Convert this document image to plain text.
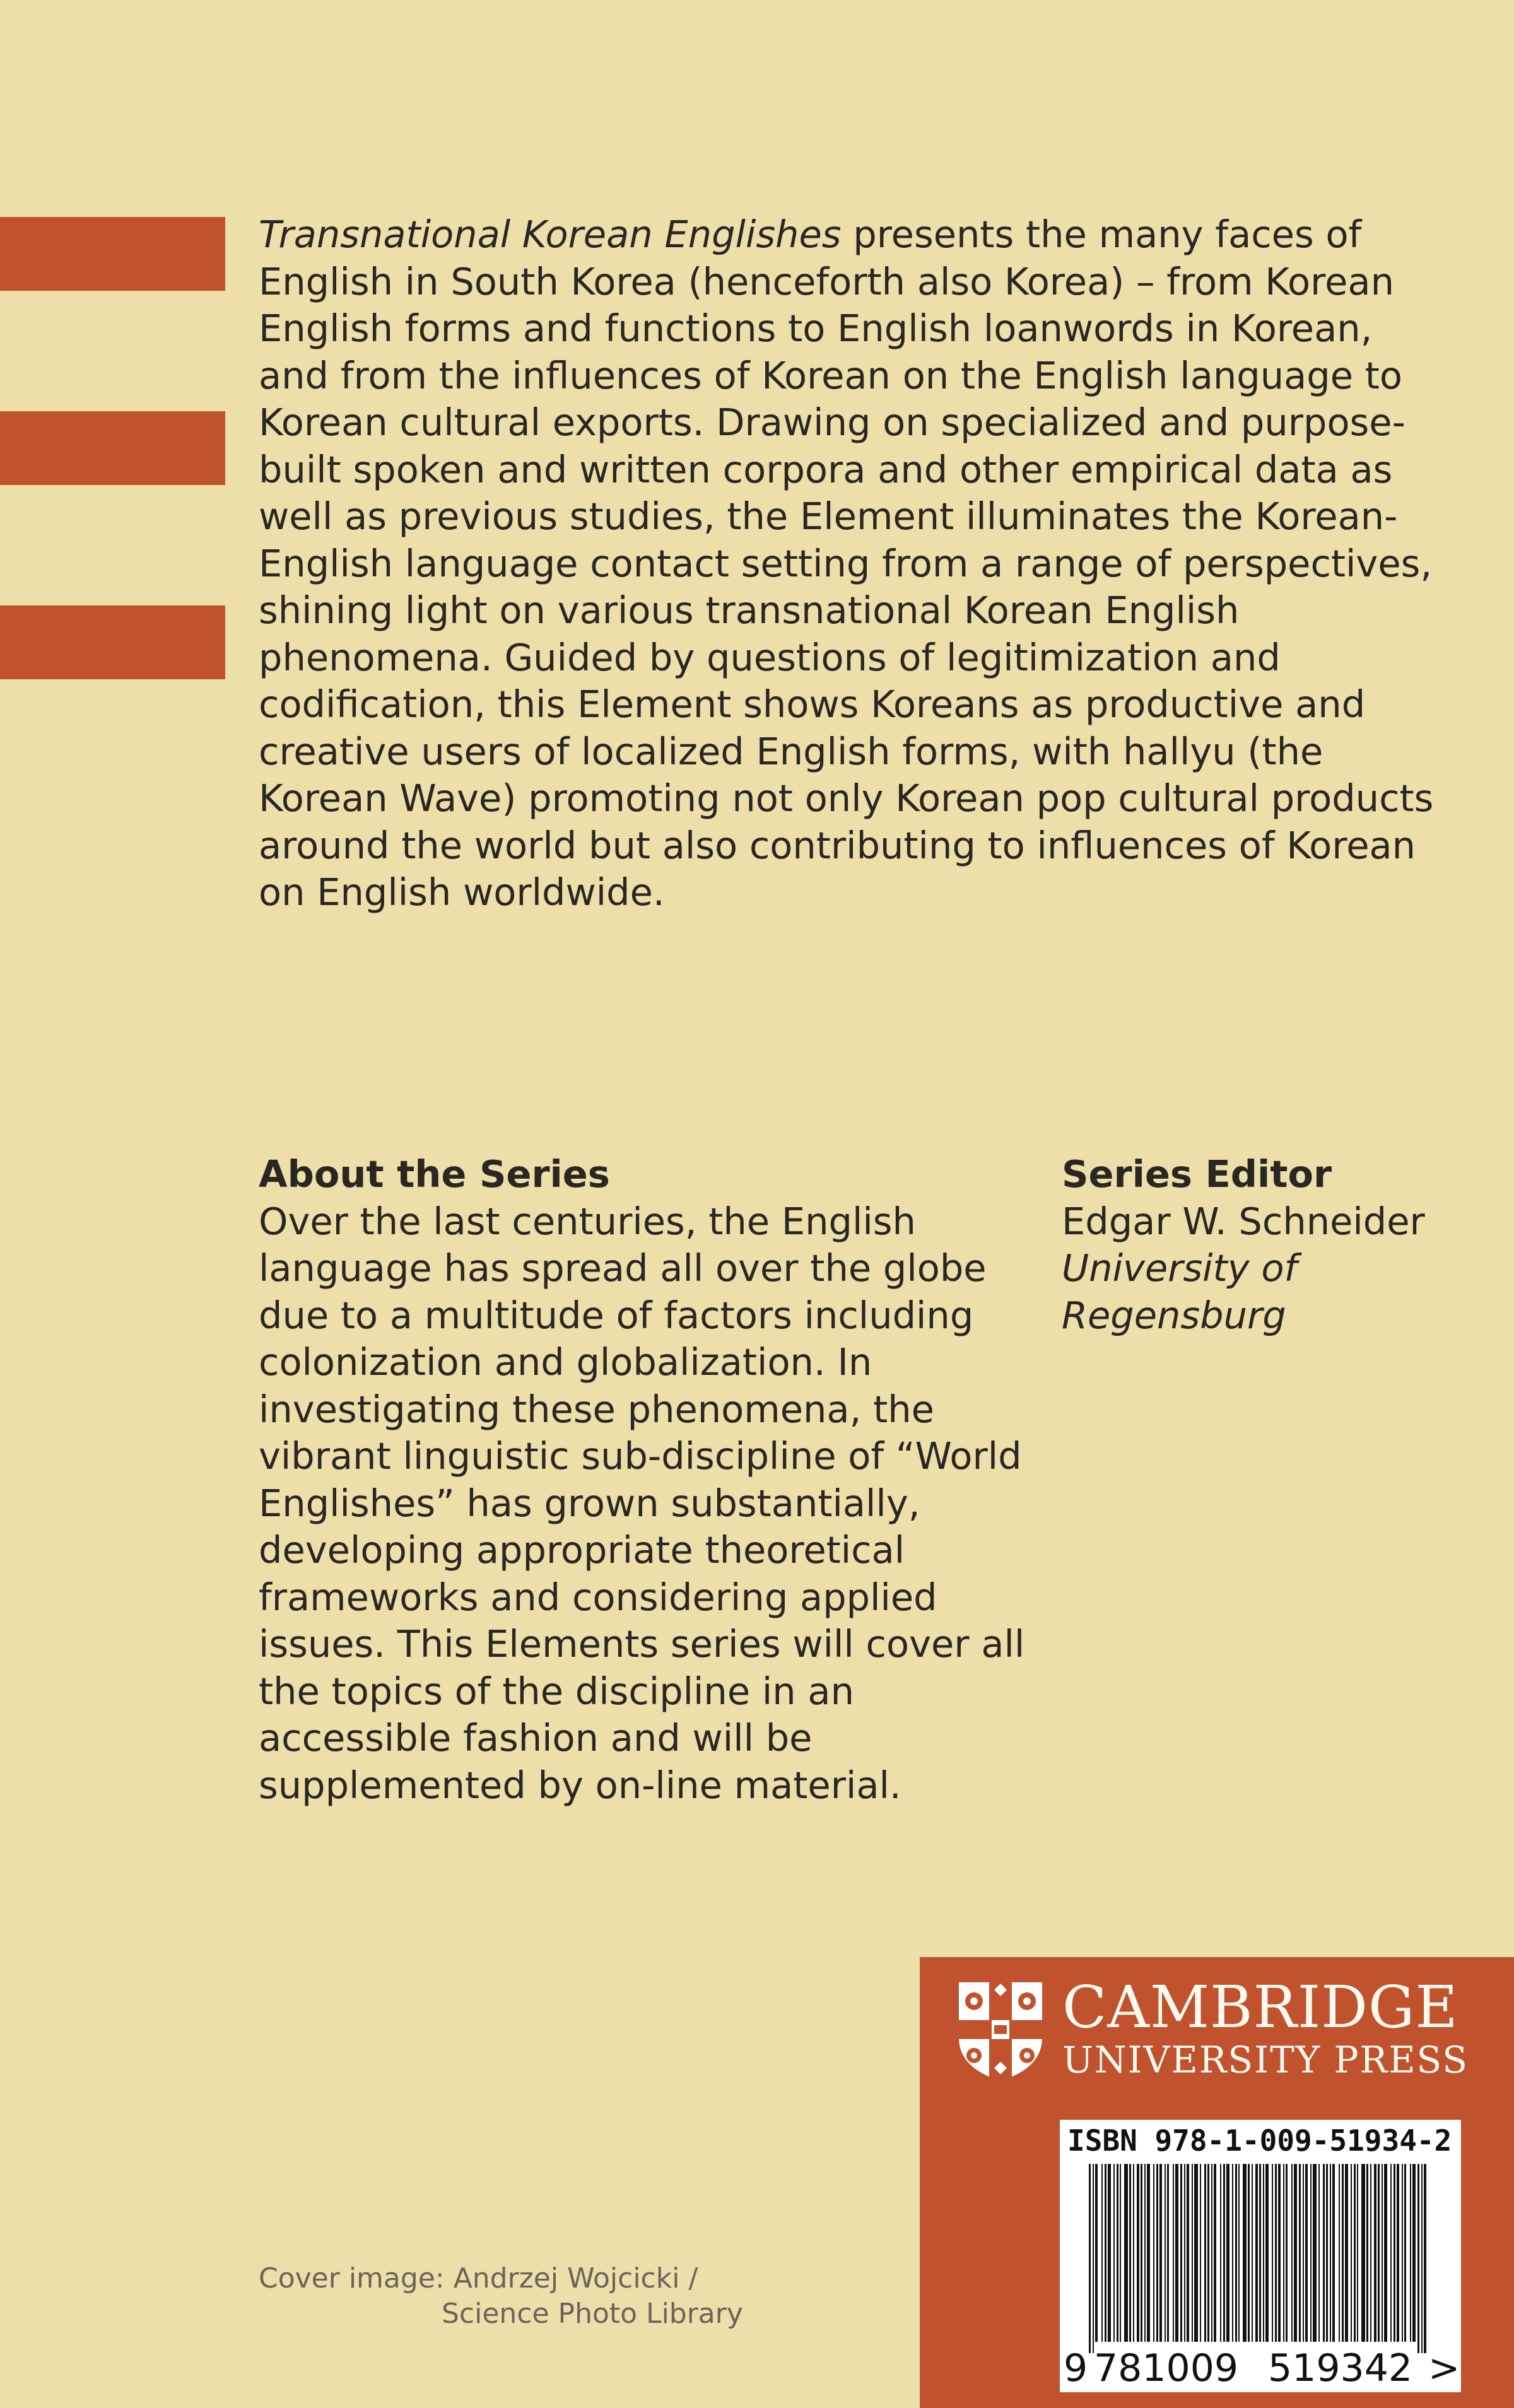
Transnational Korean Englishes presents the many faces of English in South Korea (henceforth also Korea) – from Korean English forms and functions to English loanwords in Korean, and from the influences of Korean on the English language to Korean cultural exports. Drawing on specialized and purpose-built spoken and written corpora and other empirical data as well as previous studies, the Element illuminates the Korean-English language contact setting from a range of perspectives, shining light on various transnational Korean English phenomena. Guided by questions of legitimization and codification, this Element shows Koreans as productive and creative users of localized English forms, with hallyu (the Korean Wave) promoting not only Korean pop cultural products around the world but also contributing to influences of Korean on English worldwide.

About the Series
Over the last centuries, the English language has spread all over the globe due to a multitude of factors including colonization and globalization. In investigating these phenomena, the vibrant linguistic sub-discipline of “World Englishes” has grown substantially, developing appropriate theoretical frameworks and considering applied issues. This Elements series will cover all the topics of the discipline in an accessible fashion and will be supplemented by on-line material.
Series Editor
Edgar W. Schneider
University of
Regensburg
Cover image: Andrzej Wojcicki /
Science Photo Library
CAMBRIDGE
UNIVERSITY PRESS
9 781009 519342 >
ISBN 978-1-009-51934-2
